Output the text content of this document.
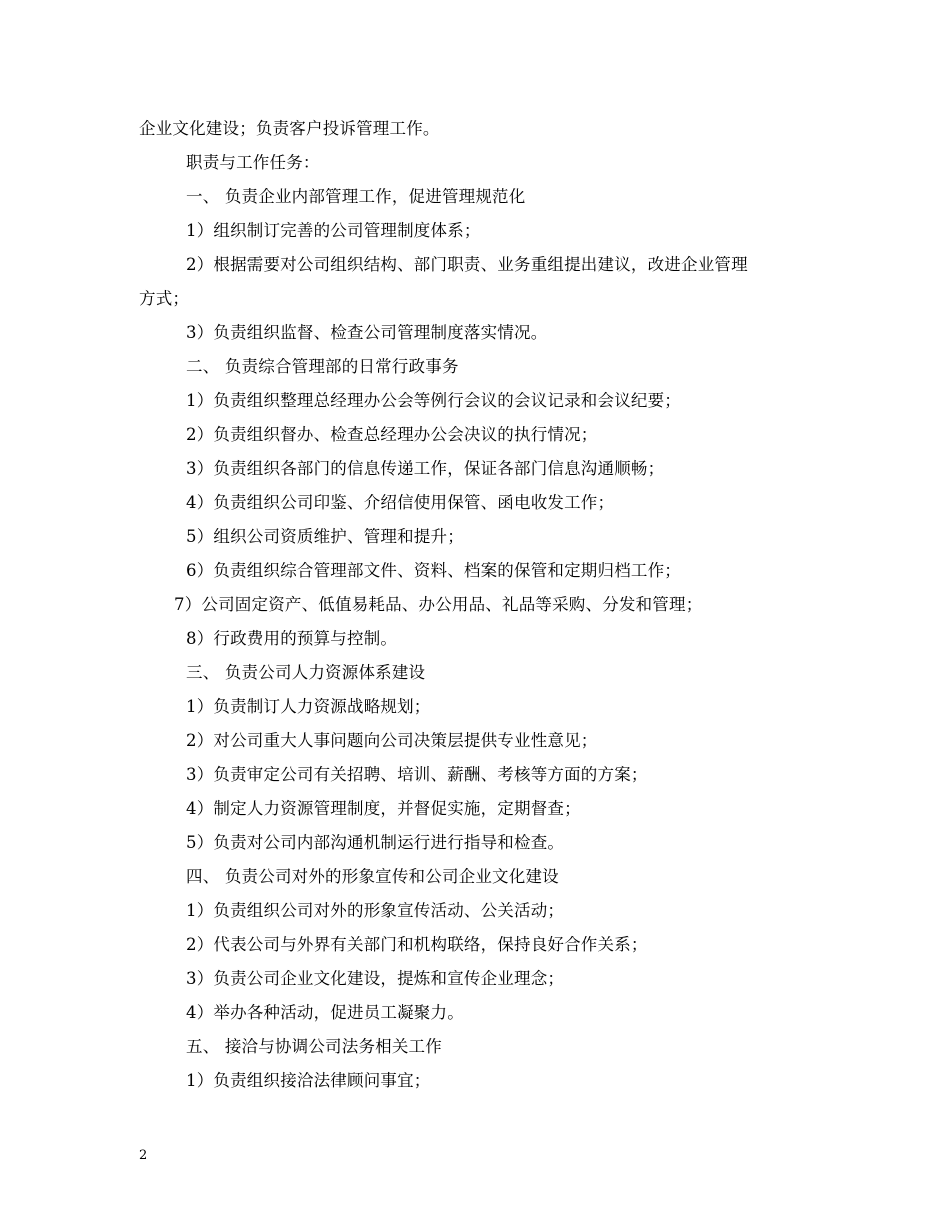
企业文化建设；负责客户投诉管理工作。
职责与工作任务：
一、 负责企业内部管理工作，促进管理规范化
1）组织制订完善的公司管理制度体系；
2）根据需要对公司组织结构、部门职责、业务重组提出建议，改进企业管理
方式；
3）负责组织监督、检查公司管理制度落实情况。
二、 负责综合管理部的日常行政事务
1）负责组织整理总经理办公会等例行会议的会议记录和会议纪要；
2）负责组织督办、检查总经理办公会决议的执行情况；
3）负责组织各部门的信息传递工作，保证各部门信息沟通顺畅；
4）负责组织公司印鉴、介绍信使用保管、函电收发工作；
5）组织公司资质维护、管理和提升；
6）负责组织综合管理部文件、资料、档案的保管和定期归档工作；
7）公司固定资产、低值易耗品、办公用品、礼品等采购、分发和管理；
8）行政费用的预算与控制。
三、 负责公司人力资源体系建设
1）负责制订人力资源战略规划；
2）对公司重大人事问题向公司决策层提供专业性意见；
3）负责审定公司有关招聘、培训、薪酬、考核等方面的方案；
4）制定人力资源管理制度，并督促实施，定期督查；
5）负责对公司内部沟通机制运行进行指导和检查。
四、 负责公司对外的形象宣传和公司企业文化建设
1）负责组织公司对外的形象宣传活动、公关活动；
2）代表公司与外界有关部门和机构联络，保持良好合作关系；
3）负责公司企业文化建设，提炼和宣传企业理念；
4）举办各种活动，促进员工凝聚力。
五、 接洽与协调公司法务相关工作
1）负责组织接洽法律顾问事宜；
2
